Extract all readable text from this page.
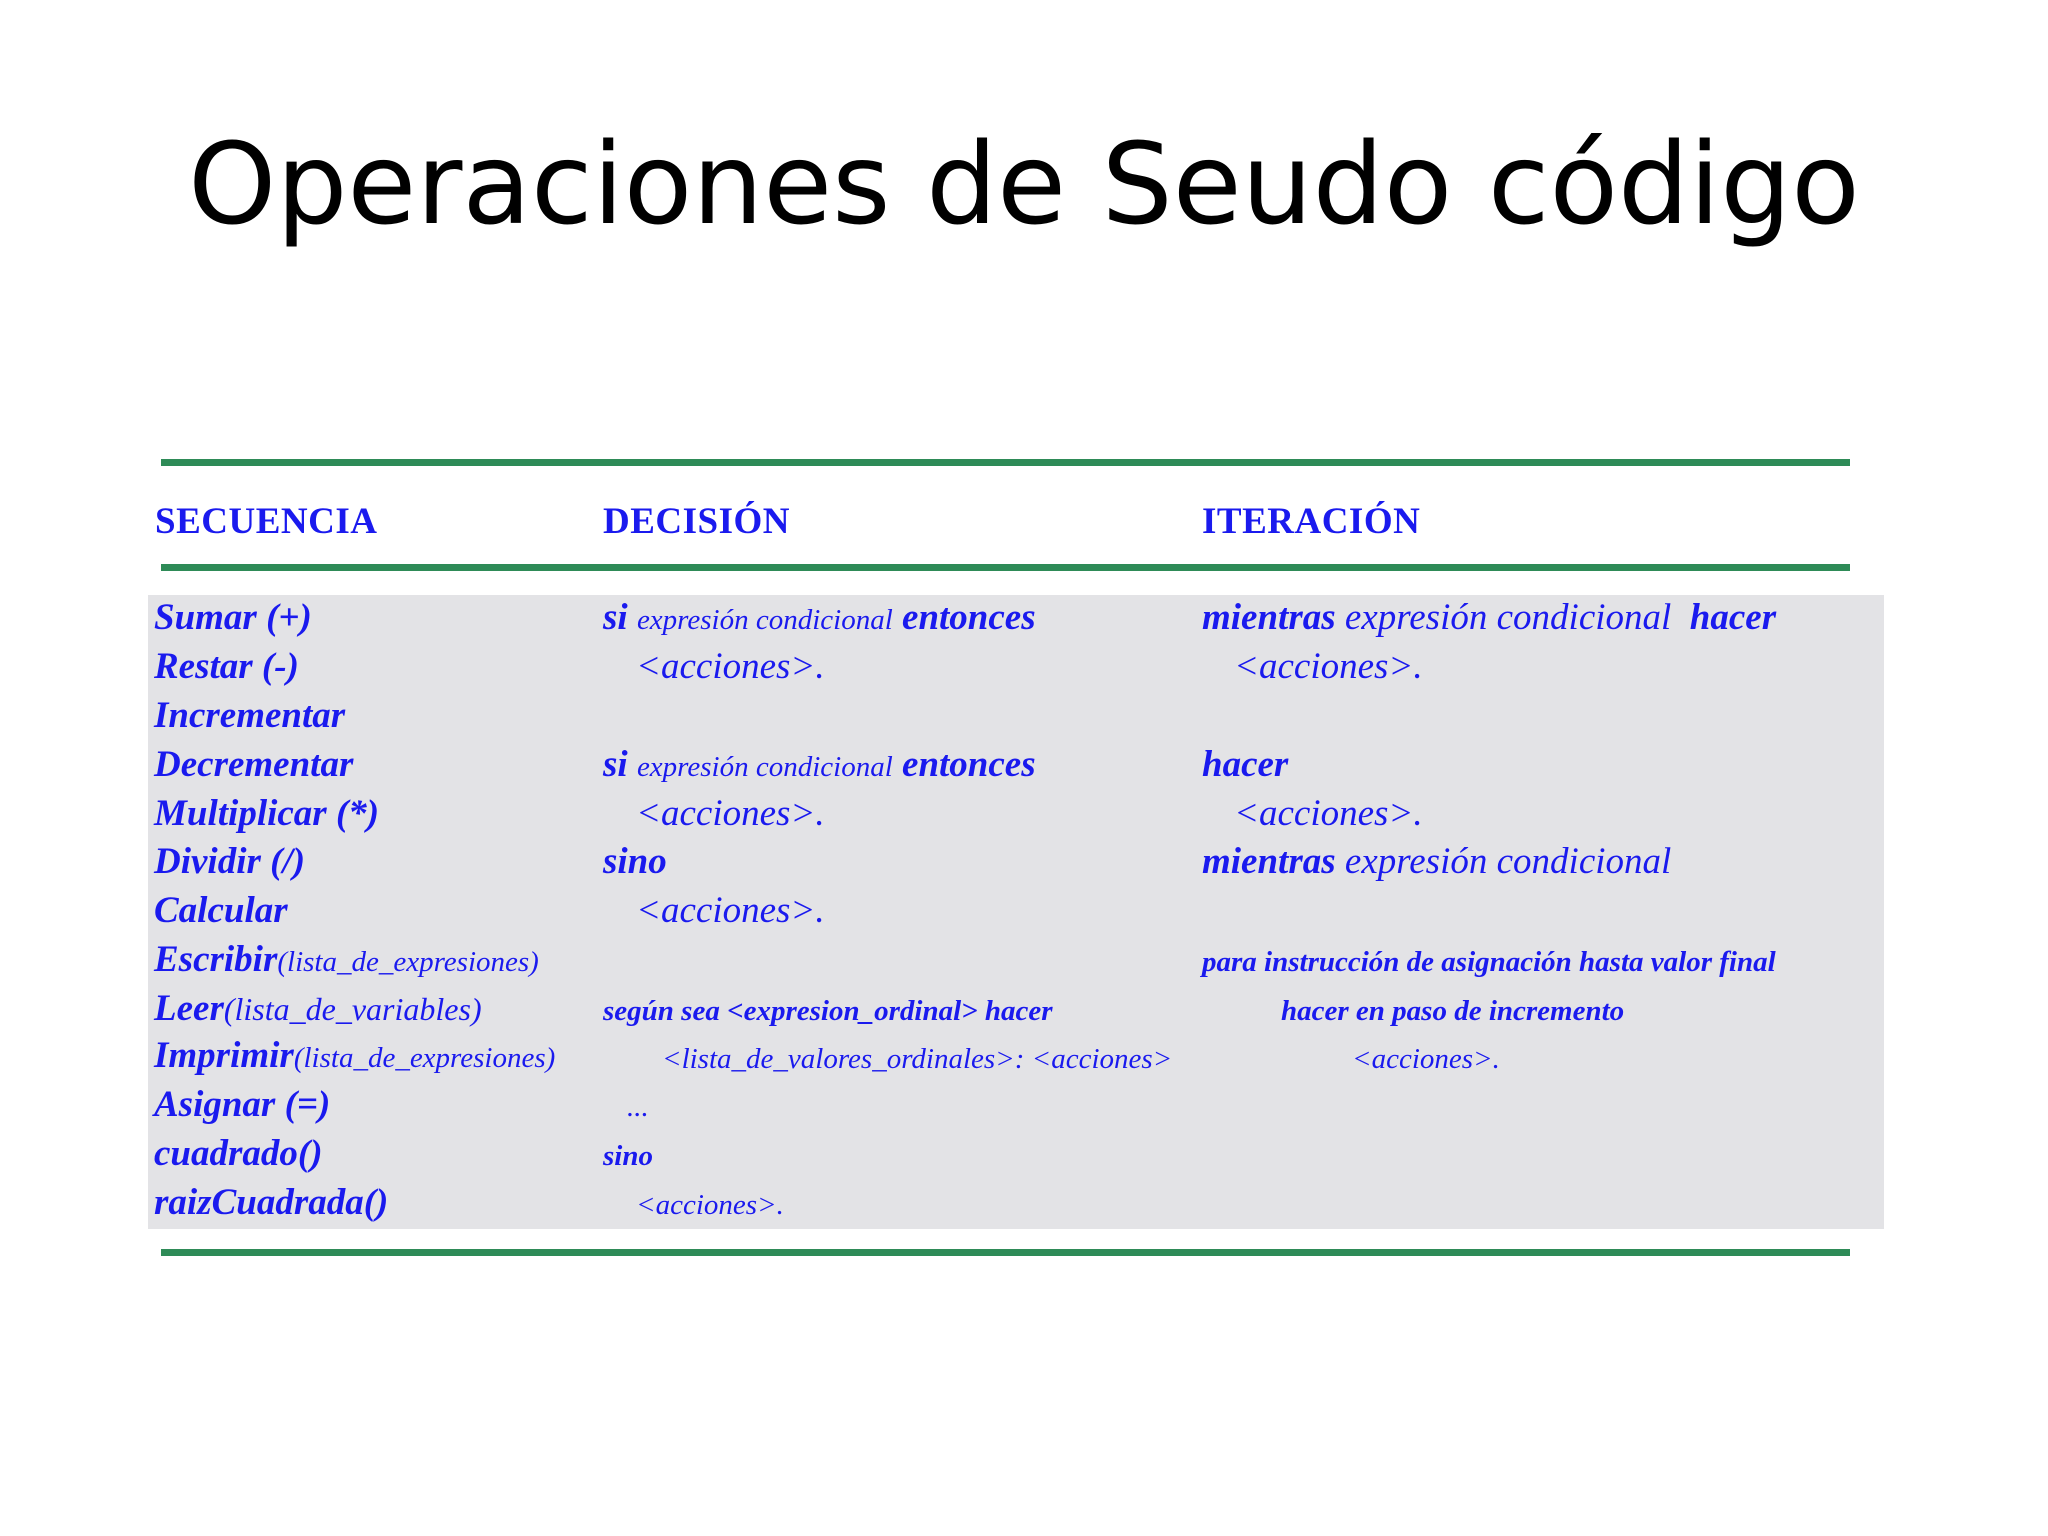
Operaciones de Seudo código
SECUENCIA	DECISIÓN	ITERACIÓN
Sumar (+)
Restar (-)
Incrementar
Decrementar
Multiplicar (*)
Dividir (/)
Calcular
Escribir(lista_de_expresiones)
Leer(lista_de_variables)
Imprimir(lista_de_expresiones)
Asignar (=)
cuadrado()
raizCuadrada()
si expresión condicional entonces
<acciones>.
si expresión condicional entonces
<acciones>.
sino
<acciones>.
según sea <expresion_ordinal> hacer
<lista_de_valores_ordinales>: <acciones>
...
sino
<acciones>.
mientras expresión condicional hacer
<acciones>.
hacer
<acciones>.
mientras expresión condicional
para instrucción de asignación hasta valor final
hacer en paso de incremento
<acciones>.
